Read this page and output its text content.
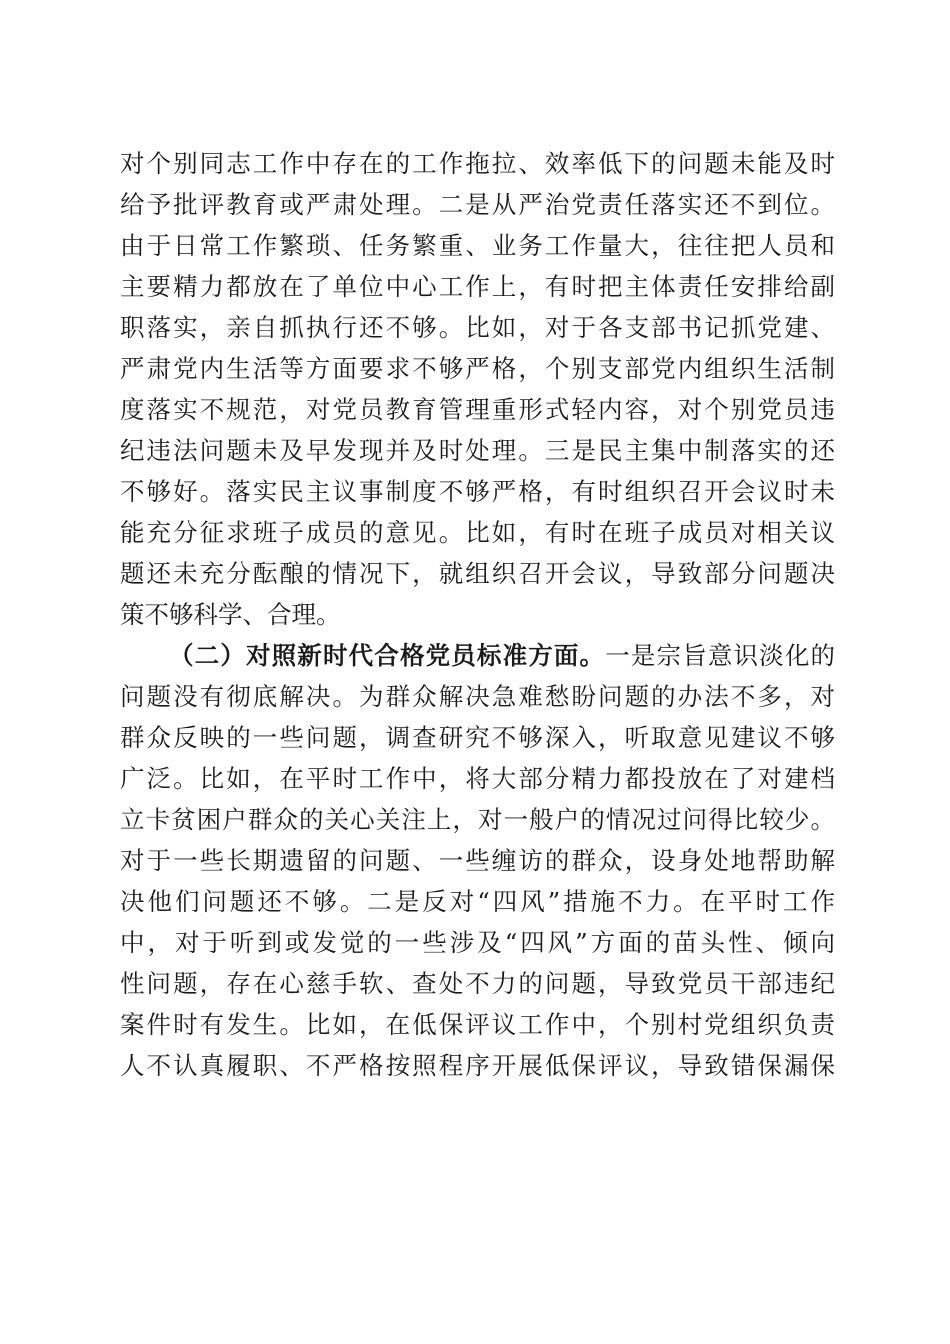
对个别同志工作中存在的工作拖拉、效率低下的问题未能及时
给予批评教育或严肃处理。二是从严治党责任落实还不到位。
由于日常工作繁琐、任务繁重、业务工作量大，往往把人员和
主要精力都放在了单位中心工作上，有时把主体责任安排给副
职落实，亲自抓执行还不够。比如，对于各支部书记抓党建、
严肃党内生活等方面要求不够严格，个别支部党内组织生活制
度落实不规范，对党员教育管理重形式轻内容，对个别党员违
纪违法问题未及早发现并及时处理。三是民主集中制落实的还
不够好。落实民主议事制度不够严格，有时组织召开会议时未
能充分征求班子成员的意见。比如，有时在班子成员对相关议
题还未充分酝酿的情况下，就组织召开会议，导致部分问题决
策不够科学、合理。
（二）对照新时代合格党员标准方面。一是宗旨意识淡化的
问题没有彻底解决。为群众解决急难愁盼问题的办法不多，对
群众反映的一些问题，调查研究不够深入，听取意见建议不够
广泛。比如，在平时工作中，将大部分精力都投放在了对建档
立卡贫困户群众的关心关注上，对一般户的情况过问得比较少。
对于一些长期遗留的问题、一些缠访的群众，设身处地帮助解
决他们问题还不够。二是反对“四风”措施不力。在平时工作
中，对于听到或发觉的一些涉及“四风”方面的苗头性、倾向
性问题，存在心慈手软、查处不力的问题，导致党员干部违纪
案件时有发生。比如，在低保评议工作中，个别村党组织负责
人不认真履职、不严格按照程序开展低保评议，导致错保漏保
